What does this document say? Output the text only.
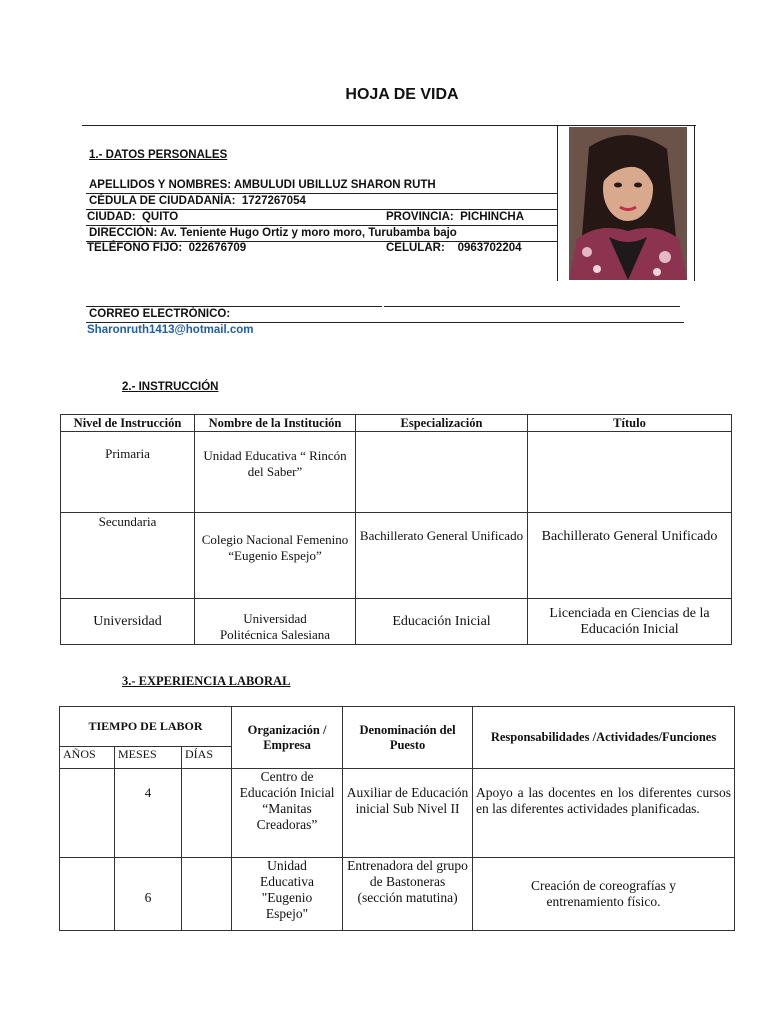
HOJA DE VIDA
1.- DATOS PERSONALES
APELLIDOS Y NOMBRES: AMBULUDI UBILLUZ SHARON RUTH
CÉDULA DE CIUDADANÍA: 1727267054
CIUDAD: QUITO	PROVINCIA: PICHINCHA
DIRECCIÓN: Av. Teniente Hugo Ortiz y moro moro, Turubamba bajo
TELÉFONO FIJO: 022676709	CELULAR: 0963702204
CORREO ELECTRÓNICO:
Sharonruth1413@hotmail.com
2.- INSTRUCCIÓN
Nivel de Instrucción	Nombre de la Institución	Especialización	Título
Primaria	Unidad Educativa “ Rincón del Saber”		
Secundaria	Colegio Nacional Femenino “Eugenio Espejo”	Bachillerato General Unificado	Bachillerato General Unificado
Universidad	Universidad Politécnica Salesiana	Educación Inicial	Licenciada en Ciencias de la Educación Inicial
3.- EXPERIENCIA LABORAL
TIEMPO DE LABOR			Organización / Empresa	Denominación del Puesto	Responsabilidades /Actividades/Funciones
AÑOS	MESES	DÍAS			
	4		Centro de Educación Inicial “Manitas Creadoras”	Auxiliar de Educación inicial Sub Nivel II	Apoyo a las docentes en los diferentes cursos en las diferentes actividades planificadas.
	6		Unidad Educativa "Eugenio Espejo"	Entrenadora del grupo de Bastoneras (sección matutina)	Creación de coreografías y entrenamiento físico.
